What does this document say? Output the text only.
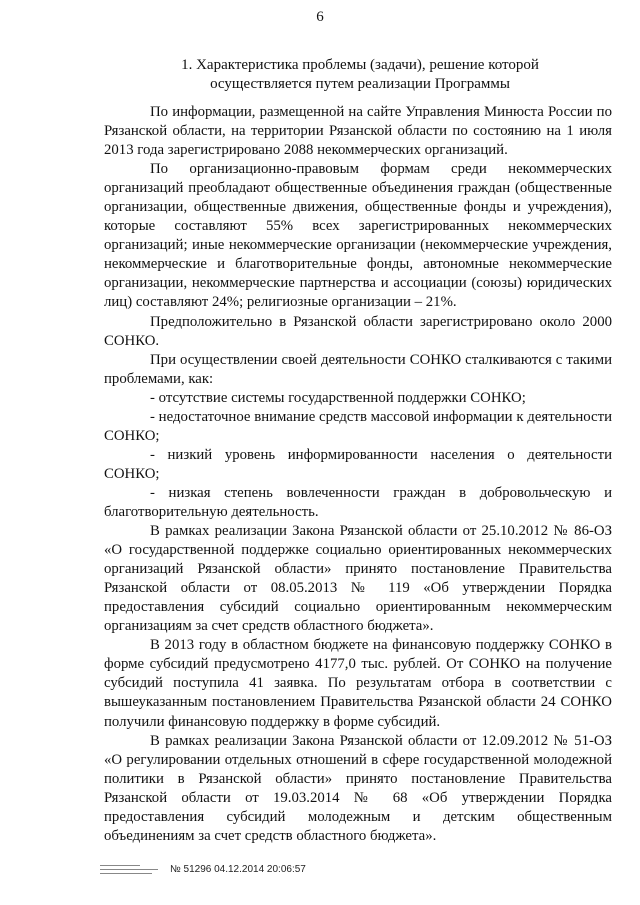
6
1. Характеристика проблемы (задачи), решение которой
осуществляется путем реализации Программы

По информации, размещенной на сайте Управления Минюста России по Рязанской области, на территории Рязанской области по состоянию на 1 июля 2013 года зарегистрировано 2088 некоммерческих организаций.

По организационно-правовым формам среди некоммерческих организаций преобладают общественные объединения граждан (общественные организации, общественные движения, общественные фонды и учреждения), которые составляют 55% всех зарегистрированных некоммерческих организаций; иные некоммерческие организации (некоммерческие учреждения, некоммерческие и благотворительные фонды, автономные некоммерческие организации, некоммерческие партнерства и ассоциации (союзы) юридических лиц) составляют 24%; религиозные организации – 21%.

Предположительно в Рязанской области зарегистрировано около 2000 СОНКО.

При осуществлении своей деятельности СОНКО сталкиваются с такими проблемами, как:

- отсутствие системы государственной поддержки СОНКО;

- недостаточное внимание средств массовой информации к деятельности СОНКО;

- низкий уровень информированности населения о деятельности СОНКО;

- низкая степень вовлеченности граждан в добровольческую и благотворительную деятельность.

В рамках реализации Закона Рязанской области от 25.10.2012 № 86-ОЗ «О государственной поддержке социально ориентированных некоммерческих организаций Рязанской области» принято постановление Правительства Рязанской области от 08.05.2013 № 119 «Об утверждении Порядка предоставления субсидий социально ориентированным некоммерческим организациям за счет средств областного бюджета».

В 2013 году в областном бюджете на финансовую поддержку СОНКО в форме субсидий предусмотрено 4177,0 тыс. рублей. От СОНКО на получение субсидий поступила 41 заявка. По результатам отбора в соответствии с вышеуказанным постановлением Правительства Рязанской области 24 СОНКО получили финансовую поддержку в форме субсидий.

В рамках реализации Закона Рязанской области от 12.09.2012 № 51-ОЗ «О регулировании отдельных отношений в сфере государственной молодежной политики в Рязанской области» принято постановление Правительства Рязанской области от 19.03.2014 № 68 «Об утверждении Порядка предоставления субсидий молодежным и детским общественным объединениям за счет средств областного бюджета».

№ 51296 04.12.2014 20:06:57
